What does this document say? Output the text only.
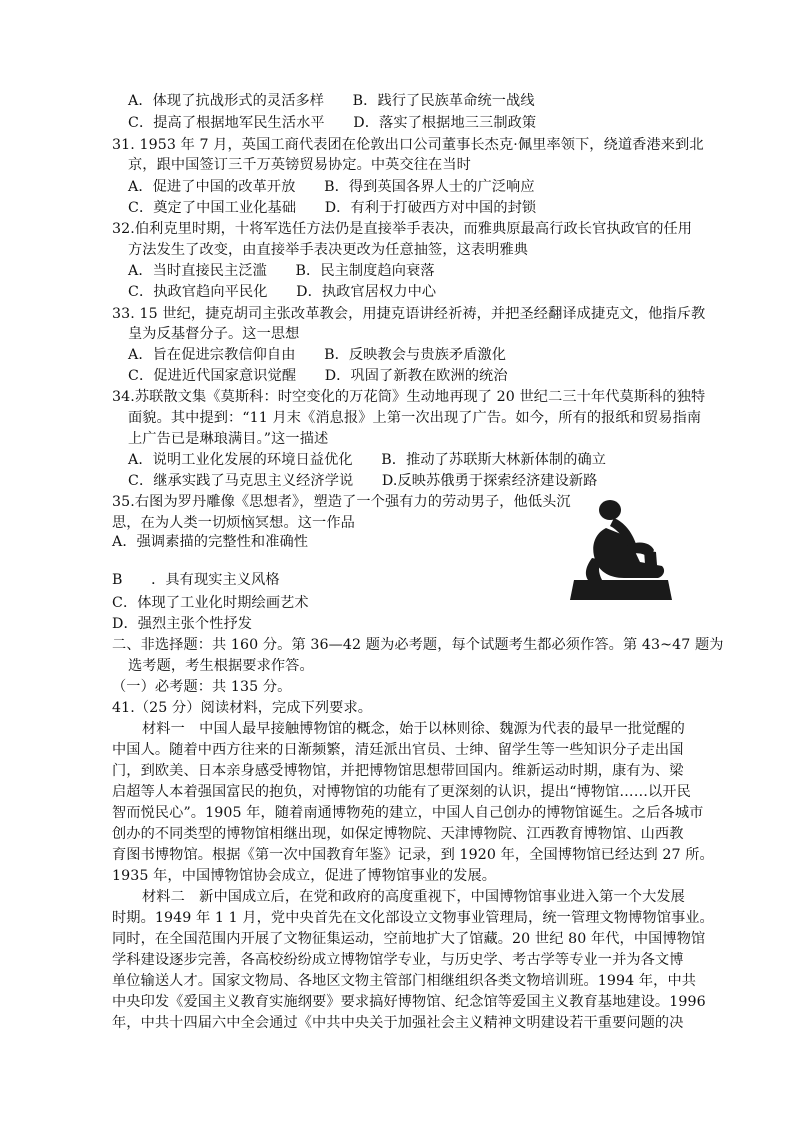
A．体现了抗战形式的灵活多样　　B．践行了民族革命统一战线
C．提高了根据地军民生活水平　　D．落实了根据地三三制政策
31. 1953 年 7 月，英国工商代表团在伦敦出口公司董事长杰克·佩里率领下，绕道香港来到北
京，跟中国签订三千万英镑贸易协定。中英交往在当时
A．促进了中国的改革开放　　B．得到英国各界人士的广泛响应
C．奠定了中国工业化基础　　D．有利于打破西方对中国的封锁
32.伯利克里时期，十将军选任方法仍是直接举手表决，而雅典原最高行政长官执政官的任用
方法发生了改变，由直接举手表决更改为任意抽签，这表明雅典
A．当时直接民主泛滥　　B．民主制度趋向衰落
C．执政官趋向平民化　　D．执政官居权力中心
33. 15 世纪，捷克胡司主张改革教会，用捷克语讲经祈祷，并把圣经翻译成捷克文，他指斥教
皇为反基督分子。这一思想
A．旨在促进宗教信仰自由　　B．反映教会与贵族矛盾激化
C．促进近代国家意识觉醒　　D．巩固了新教在欧洲的统治
34.苏联散文集《莫斯科：时空变化的万花筒》生动地再现了 20 世纪二三十年代莫斯科的独特
面貌。其中提到：“11 月末《消息报》上第一次出现了广告。如今，所有的报纸和贸易指南
上广告已是琳琅满目。”这一描述
A．说明工业化发展的环境日益优化　　B．推动了苏联斯大林新体制的确立
C．继承实践了马克思主义经济学说　　D.反映苏俄勇于探索经济建设新路
35.右图为罗丹雕像《思想者》，塑造了一个强有力的劳动男子，他低头沉
思，在为人类一切烦恼冥想。这一作品
A．强调素描的完整性和准确性
B　　．具有现实主义风格
C．体现了工业化时期绘画艺术
D．强烈主张个性抒发
二、非选择题：共 160 分。第 36—42 题为必考题，每个试题考生都必须作答。第 43~47 题为
选考题，考生根据要求作答。
（一）必考题：共 135 分。
41.（25 分）阅读材料，完成下列要求。
材料一　中国人最早接触博物馆的概念，始于以林则徐、魏源为代表的最早一批觉醒的
中国人。随着中西方往来的日渐频繁，清廷派出官员、士绅、留学生等一些知识分子走出国
门，到欧美、日本亲身感受博物馆，并把博物馆思想带回国内。维新运动时期，康有为、梁
启超等人本着强国富民的抱负，对博物馆的功能有了更深刻的认识，提出“博物馆……以开民
智而悦民心”。1905 年，随着南通博物苑的建立，中国人自己创办的博物馆诞生。之后各城市
创办的不同类型的博物馆相继出现，如保定博物院、天津博物院、江西教育博物馆、山西教
育图书博物馆。根据《第一次中国教育年鉴》记录，到 1920 年，全国博物馆已经达到 27 所。
1935 年，中国博物馆协会成立，促进了博物馆事业的发展。
材料二　新中国成立后，在党和政府的高度重视下，中国博物馆事业进入第一个大发展
时期。1949 年 1 1 月，党中央首先在文化部设立文物事业管理局，统一管理文物博物馆事业。
同时，在全国范围内开展了文物征集运动，空前地扩大了馆藏。20 世纪 80 年代，中国博物馆
学科建设逐步完善，各高校纷纷成立博物馆学专业，与历史学、考古学等专业一并为各文博
单位输送人才。国家文物局、各地区文物主管部门相继组织各类文物培训班。1994 年，中共
中央印发《爱国主义教育实施纲要》要求搞好博物馆、纪念馆等爱国主义教育基地建设。1996
年，中共十四届六中全会通过《中共中央关于加强社会主义精神文明建设若干重要问题的决
